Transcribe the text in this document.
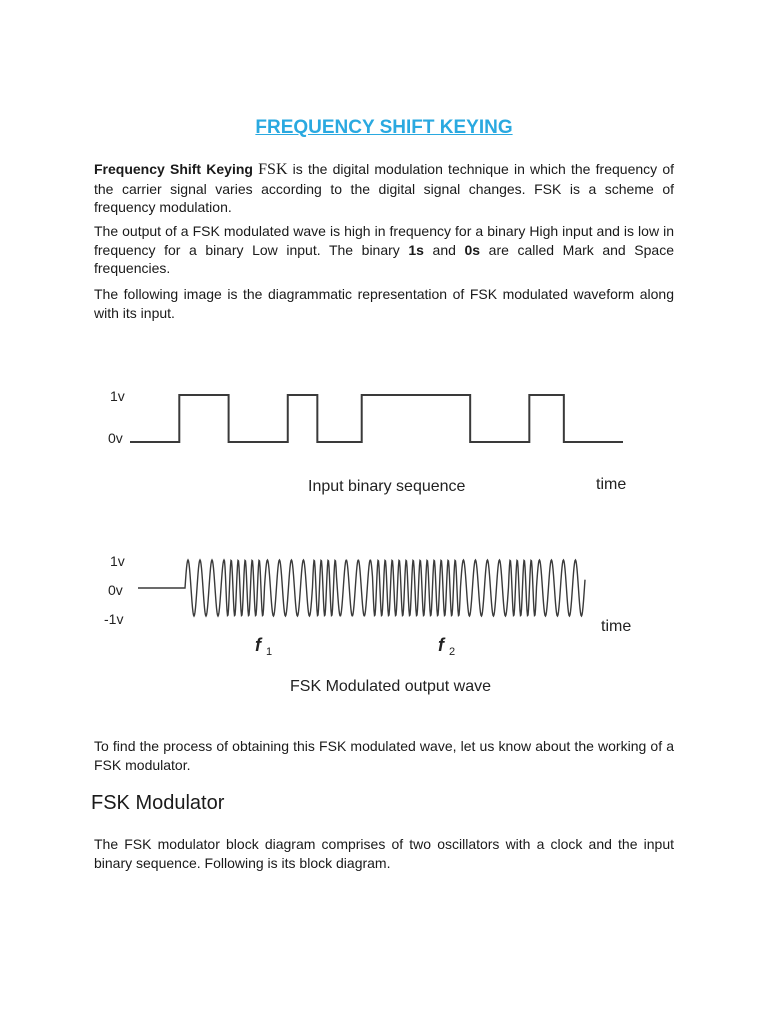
FREQUENCY SHIFT KEYING

Frequency Shift Keying FSK is the digital modulation technique in which the frequency of the carrier signal varies according to the digital signal changes. FSK is a scheme of frequency modulation.

The output of a FSK modulated wave is high in frequency for a binary High input and is low in frequency for a binary Low input. The binary 1s and 0s are called Mark and Space frequencies.

The following image is the diagrammatic representation of FSK modulated waveform along with its input.

1v
0v
Input binary sequence	time
1v
0v
-1v	time
f 1	f 2
FSK Modulated output wave

To find the process of obtaining this FSK modulated wave, let us know about the working of a FSK modulator.

FSK Modulator

The FSK modulator block diagram comprises of two oscillators with a clock and the input binary sequence. Following is its block diagram.
